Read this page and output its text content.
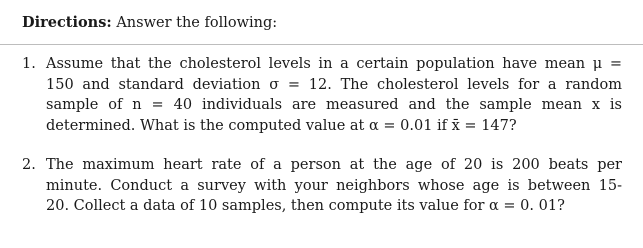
Directions: Answer the following:
1. Assume that the cholesterol levels in a certain population have mean μ =
150 and standard deviation σ = 12. The cholesterol levels for a random
sample of n = 40 individuals are measured and the sample mean x is
determined. What is the computed value at α = 0.01 if x̄ = 147?
2. The maximum heart rate of a person at the age of 20 is 200 beats per
minute. Conduct a survey with your neighbors whose age is between 15-
20. Collect a data of 10 samples, then compute its value for α = 0. 01?
